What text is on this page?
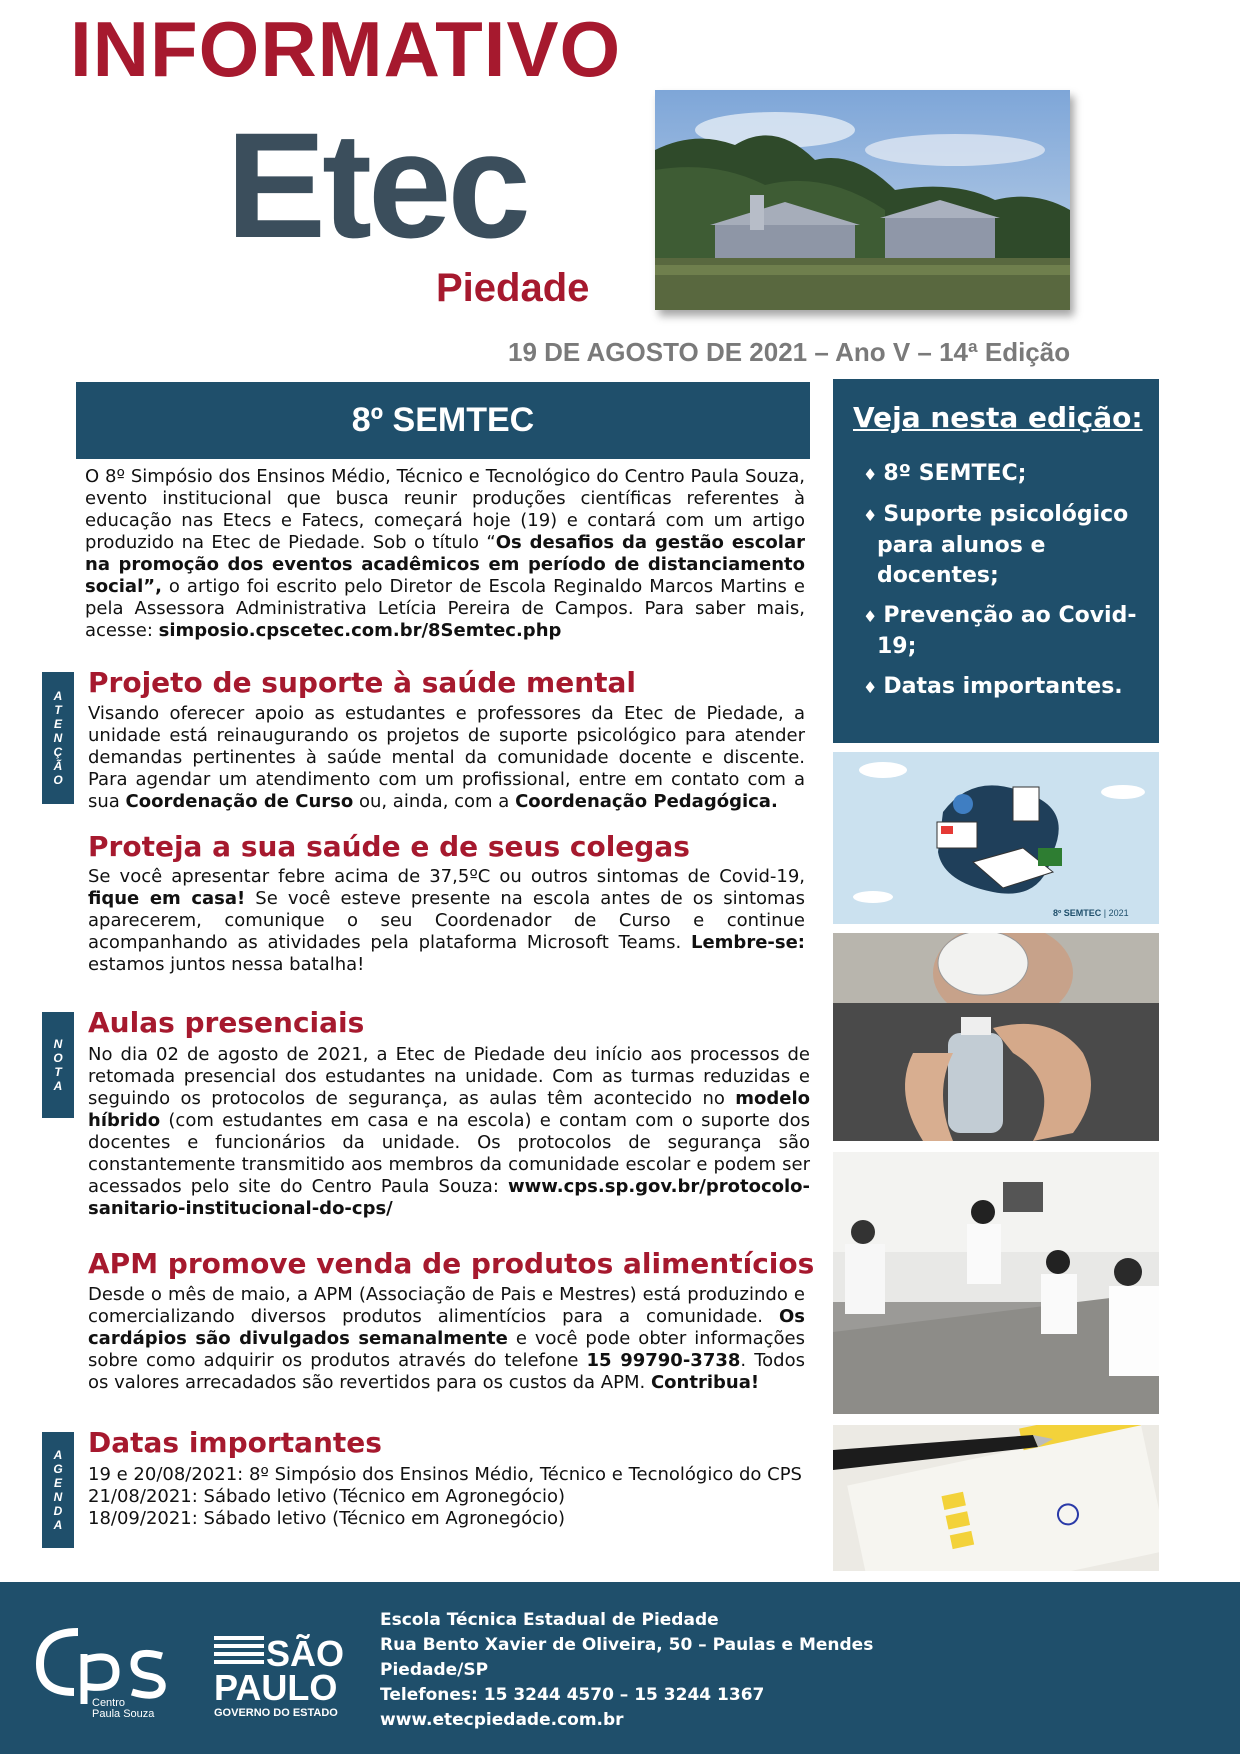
INFORMATIVO
Etec
Piedade
19 DE AGOSTO DE 2021 – Ano V – 14ª Edição
8º SEMTEC
O 8º Simpósio dos Ensinos Médio, Técnico e Tecnológico do Centro Paula Souza, evento institucional que busca reunir produções científicas referentes à educação nas Etecs e Fatecs, começará hoje (19) e contará com um artigo produzido na Etec de Piedade. Sob o título “Os desafios da gestão escolar na promoção dos eventos acadêmicos em período de distanciamento social”, o artigo foi escrito pelo Diretor de Escola Reginaldo Marcos Martins e pela Assessora Administrativa Letícia Pereira de Campos. Para saber mais, acesse: simposio.cpscetec.com.br/8Semtec.php
A
T
E
N
Ç
Ã
O
Projeto de suporte à saúde mental
Visando oferecer apoio as estudantes e professores da Etec de Piedade, a unidade está reinaugurando os projetos de suporte psicológico para atender demandas pertinentes à saúde mental da comunidade docente e discente. Para agendar um atendimento com um profissional, entre em contato com a sua Coordenação de Curso ou, ainda, com a Coordenação Pedagógica.
Proteja a sua saúde e de seus colegas
Se você apresentar febre acima de 37,5ºC ou outros sintomas de Covid-19, fique em casa! Se você esteve presente na escola antes de os sintomas aparecerem, comunique o seu Coordenador de Curso e continue acompanhando as atividades pela plataforma Microsoft Teams. Lembre-se: estamos juntos nessa batalha!
N
O
T
A
Aulas presenciais
No dia 02 de agosto de 2021, a Etec de Piedade deu início aos processos de retomada presencial dos estudantes na unidade. Com as turmas reduzidas e seguindo os protocolos de segurança, as aulas têm acontecido no modelo híbrido (com estudantes em casa e na escola) e contam com o suporte dos docentes e funcionários da unidade. Os protocolos de segurança são constantemente transmitido aos membros da comunidade escolar e podem ser acessados pelo site do Centro Paula Souza: www.cps.sp.gov.br/protocolo-sanitario-institucional-do-cps/
APM promove venda de produtos alimentícios
Desde o mês de maio, a APM (Associação de Pais e Mestres) está produzindo e comercializando diversos produtos alimentícios para a comunidade. Os cardápios são divulgados semanalmente e você pode obter informações sobre como adquirir os produtos através do telefone 15 99790-3738. Todos os valores arrecadados são revertidos para os custos da APM. Contribua!
A
G
E
N
D
A
Datas importantes
19 e 20/08/2021: 8º Simpósio dos Ensinos Médio, Técnico e Tecnológico do CPS
21/08/2021: Sábado letivo (Técnico em Agronegócio)
18/09/2021: Sábado letivo (Técnico em Agronegócio)
Veja nesta edição:
♦ 8º SEMTEC;
♦ Suporte psicológico para alunos e docentes;
♦ Prevenção ao Covid-19;
♦ Datas importantes.
8º SEMTEC | 2021
Centro
Paula Souza
SÃO
PAULO
GOVERNO DO ESTADO
Escola Técnica Estadual de Piedade
Rua Bento Xavier de Oliveira, 50 – Paulas e Mendes
Piedade/SP
Telefones: 15 3244 4570 – 15 3244 1367
www.etecpiedade.com.br
